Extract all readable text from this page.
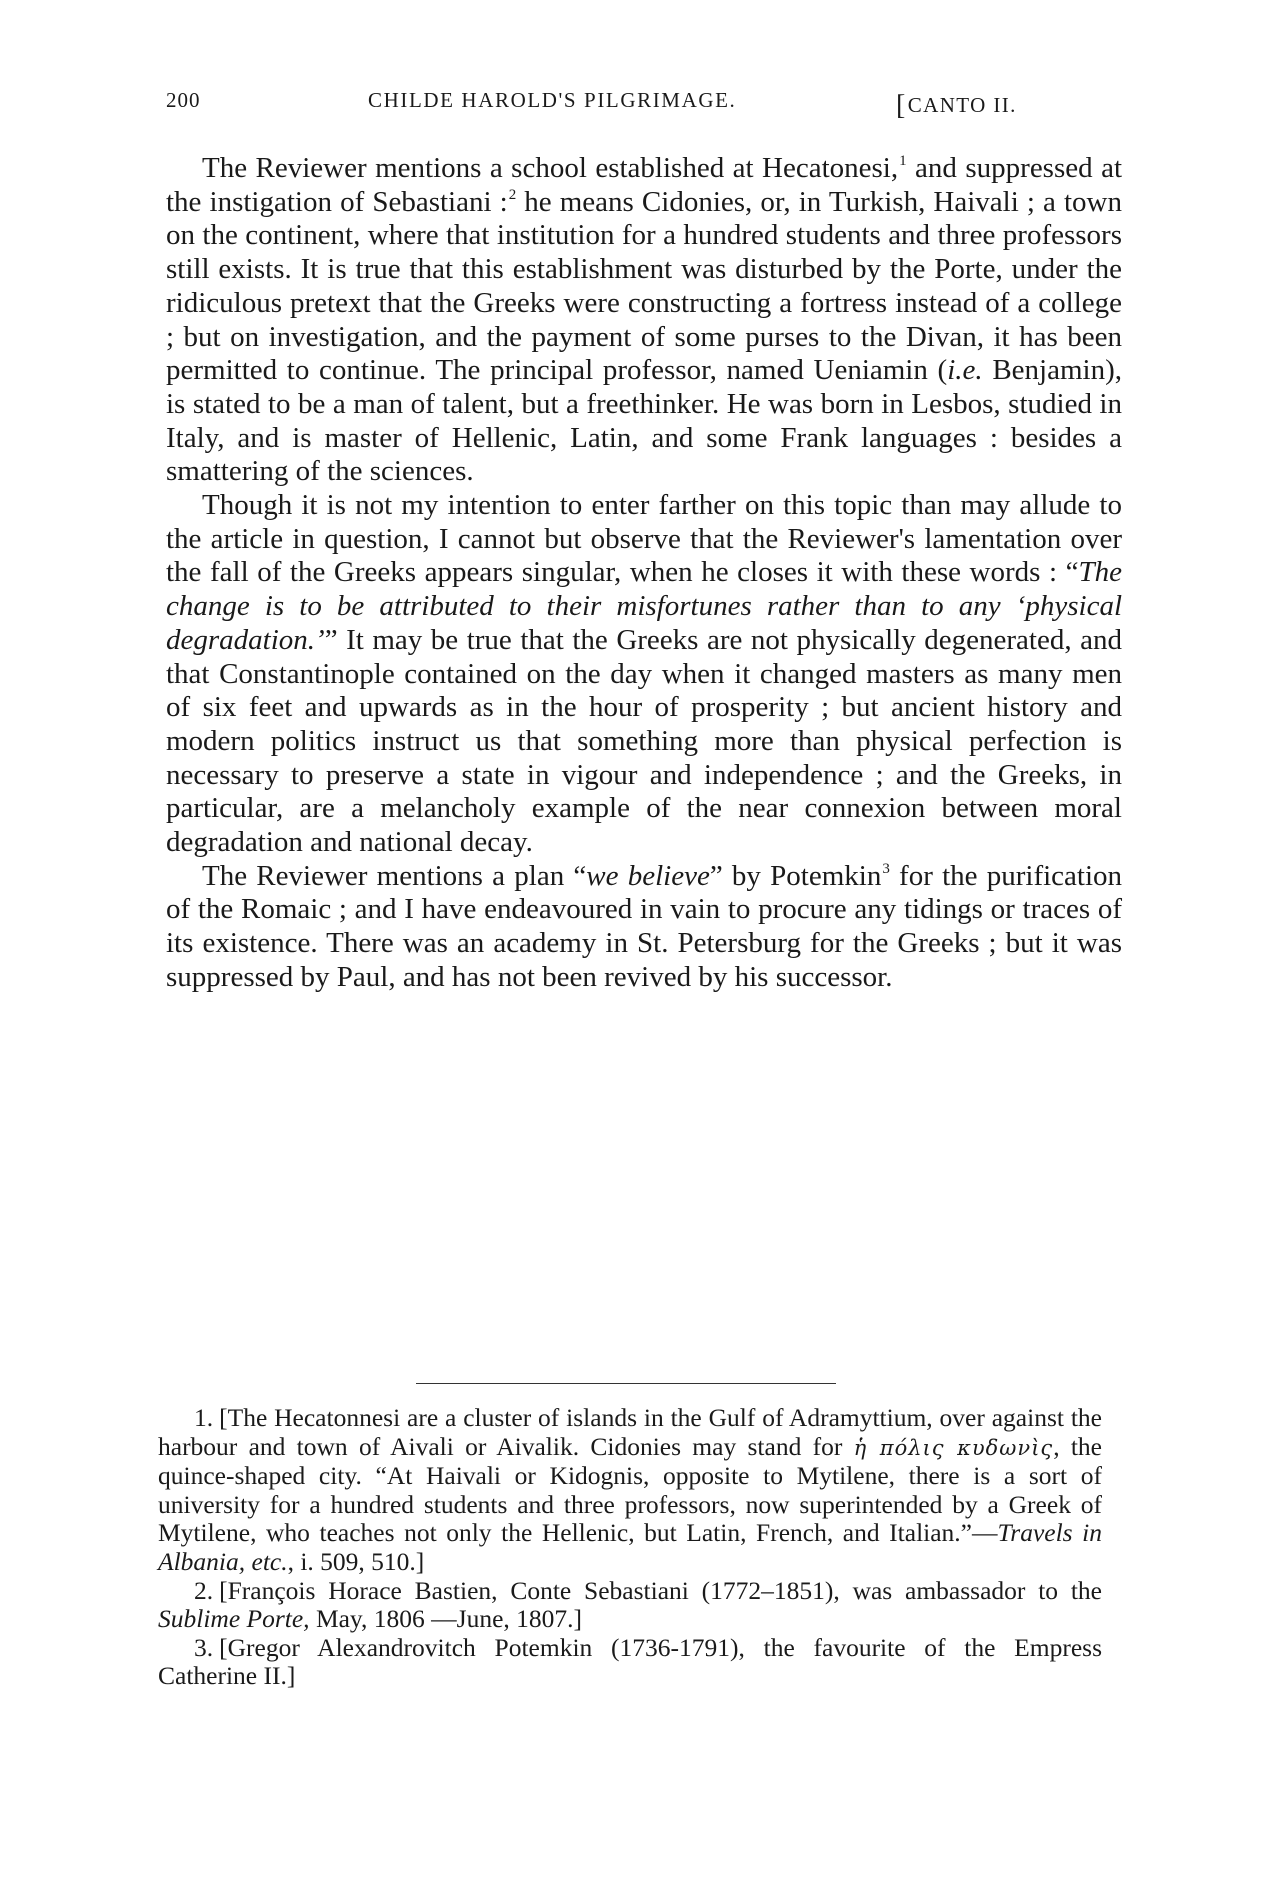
200	CHILDE HAROLD'S PILGRIMAGE.	[CANTO II.

The Reviewer mentions a school established at Hecatonesi,$^1$ and suppressed at the instigation of Sebastiani :$^2$ he means Cidonies, or, in Turkish, Haivali ; a town on the continent, where that institution for a hundred students and three professors still exists. It is true that this establishment was disturbed by the Porte, under the ridiculous pretext that the Greeks were constructing a fortress instead of a college ; but on investigation, and the payment of some purses to the Divan, it has been permitted to continue. The principal professor, named Ueniamin (i.e. Benjamin), is stated to be a man of talent, but a freethinker. He was born in Lesbos, studied in Italy, and is master of Hellenic, Latin, and some Frank languages : besides a smattering of the sciences.

Though it is not my intention to enter farther on this topic than may allude to the article in question, I cannot but observe that the Reviewer's lamentation over the fall of the Greeks appears singular, when he closes it with these words : “The change is to be attributed to their misfortunes rather than to any ‘physical degradation.’” It may be true that the Greeks are not physically degenerated, and that Constantinople contained on the day when it changed masters as many men of six feet and upwards as in the hour of prosperity ; but ancient history and modern politics instruct us that something more than physical perfection is necessary to preserve a state in vigour and independence ; and the Greeks, in particular, are a melancholy example of the near connexion between moral degradation and national decay.

The Reviewer mentions a plan “we believe” by Potemkin$^3$ for the purification of the Romaic ; and I have endeavoured in vain to procure any tidings or traces of its existence. There was an academy in St. Petersburg for the Greeks ; but it was suppressed by Paul, and has not been revived by his successor.

1. [The Hecatonnesi are a cluster of islands in the Gulf of Adramyttium, over against the harbour and town of Aivali or Aivalik. Cidonies may stand for ἡ πόλις κυδωνὶς, the quince-shaped city. “At Haivali or Kidognis, opposite to Mytilene, there is a sort of university for a hundred students and three professors, now superintended by a Greek of Mytilene, who teaches not only the Hellenic, but Latin, French, and Italian.”—Travels in Albania, etc., i. 509, 510.]

2. [François Horace Bastien, Conte Sebastiani (1772–1851), was ambassador to the Sublime Porte, May, 1806 —June, 1807.]

3. [Gregor Alexandrovitch Potemkin (1736-1791), the favourite of the Empress Catherine II.]
